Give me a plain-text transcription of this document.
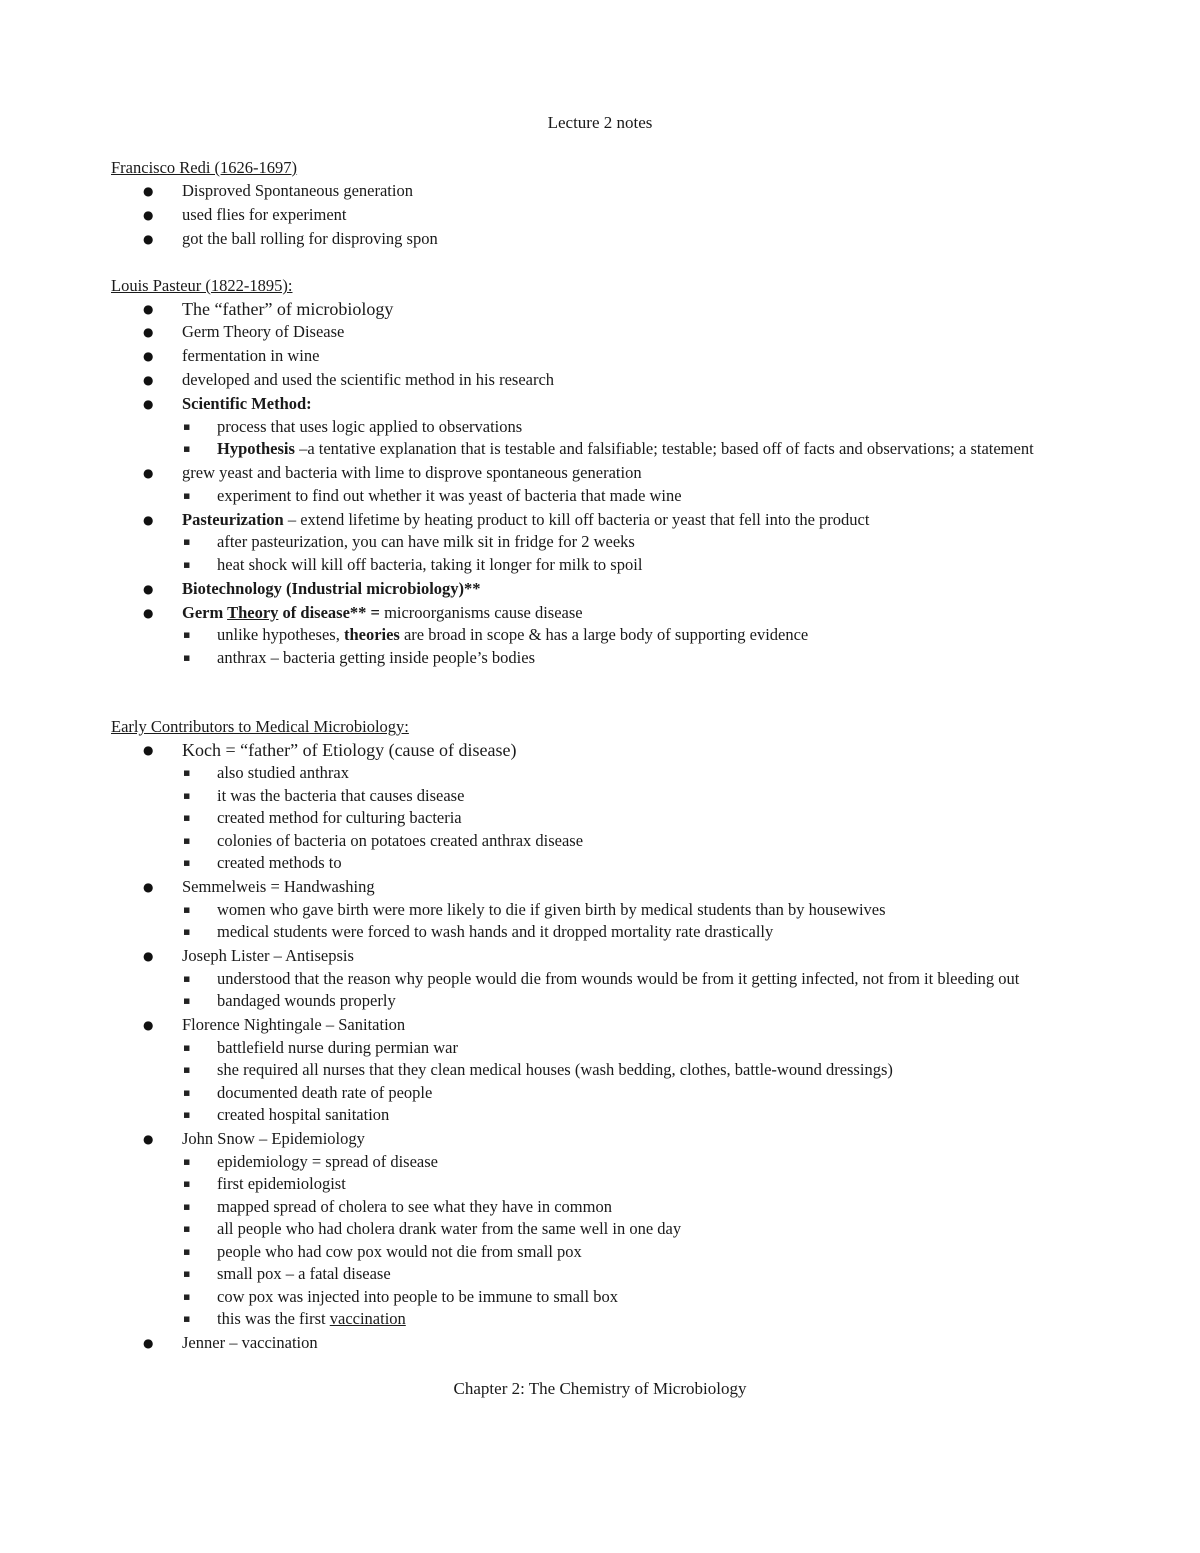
Lecture 2 notes
Francisco Redi (1626-1697)
● Disproved Spontaneous generation
● used flies for experiment
● got the ball rolling for disproving spon
Louis Pasteur (1822-1895):
● The “father” of microbiology
● Germ Theory of Disease
● fermentation in wine
● developed and used the scientific method in his research
● Scientific Method:
▪ process that uses logic applied to observations
▪ Hypothesis –a tentative explanation that is testable and falsifiable; testable; based off of facts and observations; a statement
● grew yeast and bacteria with lime to disprove spontaneous generation
▪ experiment to find out whether it was yeast of bacteria that made wine
● Pasteurization – extend lifetime by heating product to kill off bacteria or yeast that fell into the product
▪ after pasteurization, you can have milk sit in fridge for 2 weeks
▪ heat shock will kill off bacteria, taking it longer for milk to spoil
● Biotechnology (Industrial microbiology)**
● Germ Theory of disease** = microorganisms cause disease
▪ unlike hypotheses, theories are broad in scope & has a large body of supporting evidence
▪ anthrax – bacteria getting inside people’s bodies
Early Contributors to Medical Microbiology:
● Koch = “father” of Etiology (cause of disease)
▪ also studied anthrax
▪ it was the bacteria that causes disease
▪ created method for culturing bacteria
▪ colonies of bacteria on potatoes created anthrax disease
▪ created methods to
● Semmelweis = Handwashing
▪ women who gave birth were more likely to die if given birth by medical students than by housewives
▪ medical students were forced to wash hands and it dropped mortality rate drastically
● Joseph Lister – Antisepsis
▪ understood that the reason why people would die from wounds would be from it getting infected, not from it bleeding out
▪ bandaged wounds properly
● Florence Nightingale – Sanitation
▪ battlefield nurse during permian war
▪ she required all nurses that they clean medical houses (wash bedding, clothes, battle-wound dressings)
▪ documented death rate of people
▪ created hospital sanitation
● John Snow – Epidemiology
▪ epidemiology = spread of disease
▪ first epidemiologist
▪ mapped spread of cholera to see what they have in common
▪ all people who had cholera drank water from the same well in one day
▪ people who had cow pox would not die from small pox
▪ small pox – a fatal disease
▪ cow pox was injected into people to be immune to small box
▪ this was the first vaccination
● Jenner – vaccination
Chapter 2: The Chemistry of Microbiology
